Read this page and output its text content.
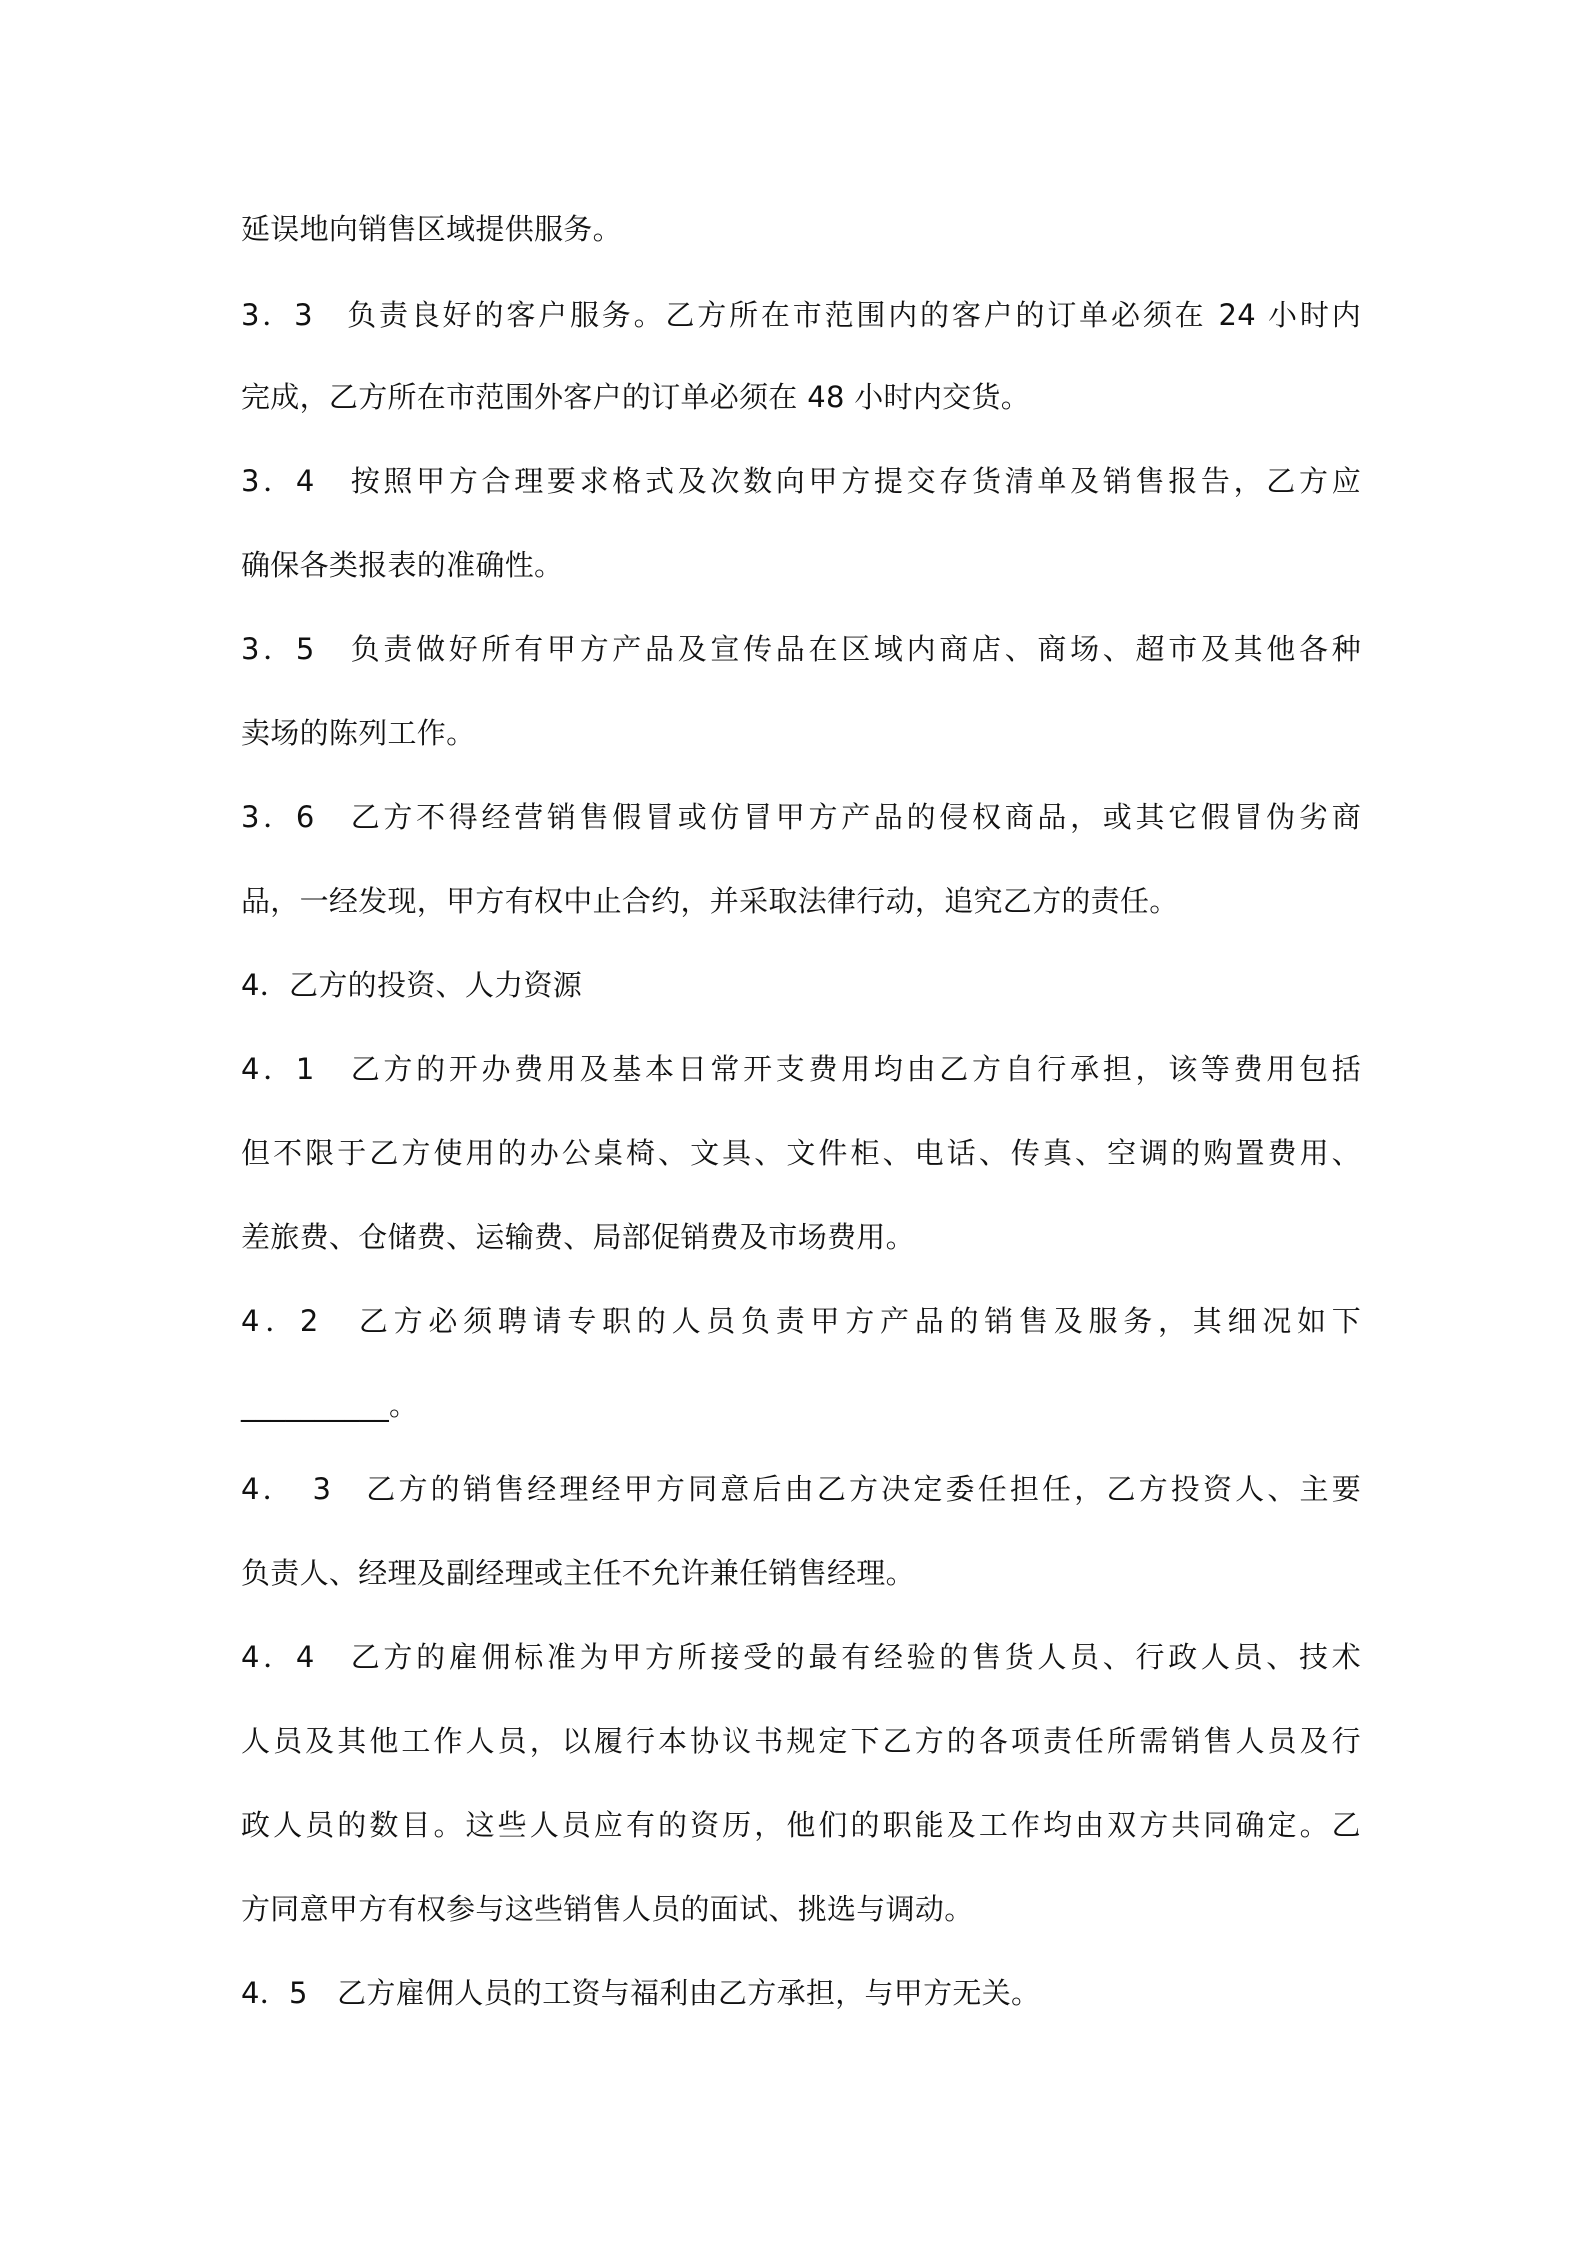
延误地向销售区域提供服务。
3．3　负责良好的客户服务。乙方所在市范围内的客户的订单必须在 24 小时内
完成，乙方所在市范围外客户的订单必须在 48 小时内交货。
3．4　按照甲方合理要求格式及次数向甲方提交存货清单及销售报告，乙方应
确保各类报表的准确性。
3．5　负责做好所有甲方产品及宣传品在区域内商店、商场、超市及其他各种
卖场的陈列工作。
3．6　乙方不得经营销售假冒或仿冒甲方产品的侵权商品，或其它假冒伪劣商
品，一经发现，甲方有权中止合约，并采取法律行动，追究乙方的责任。
4．乙方的投资、人力资源
4．1　乙方的开办费用及基本日常开支费用均由乙方自行承担，该等费用包括
但不限于乙方使用的办公桌椅、文具、文件柜、电话、传真、空调的购置费用、
差旅费、仓储费、运输费、局部促销费及市场费用。
4．2　乙方必须聘请专职的人员负责甲方产品的销售及服务，其细况如下
__________。
4．　3　乙方的销售经理经甲方同意后由乙方决定委任担任，乙方投资人、主要
负责人、经理及副经理或主任不允许兼任销售经理。
4．4　乙方的雇佣标准为甲方所接受的最有经验的售货人员、行政人员、技术
人员及其他工作人员，以履行本协议书规定下乙方的各项责任所需销售人员及行
政人员的数目。这些人员应有的资历，他们的职能及工作均由双方共同确定。乙
方同意甲方有权参与这些销售人员的面试、挑选与调动。
4．5　乙方雇佣人员的工资与福利由乙方承担，与甲方无关。
